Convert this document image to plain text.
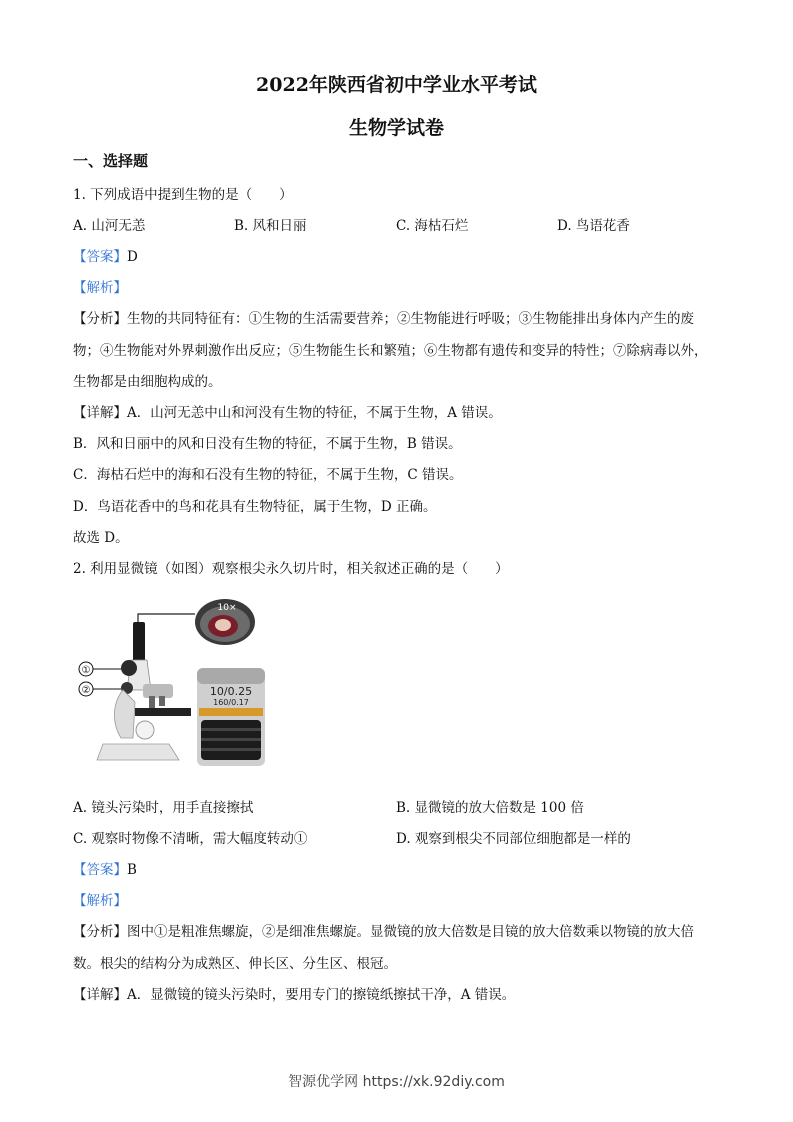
2022年陕西省初中学业水平考试
生物学试卷
一、选择题
1. 下列成语中提到生物的是（　　）
A. 山河无恙	B. 风和日丽	C. 海枯石烂	D. 鸟语花香
【答案】D
【解析】
【分析】生物的共同特征有：①生物的生活需要营养；②生物能进行呼吸；③生物能排出身体内产生的废
物；④生物能对外界刺激作出反应；⑤生物能生长和繁殖；⑥生物都有遗传和变异的特性；⑦除病毒以外，
生物都是由细胞构成的。
【详解】A．山河无恙中山和河没有生物的特征，不属于生物，A 错误。
B．风和日丽中的风和日没有生物的特征，不属于生物，B 错误。
C．海枯石烂中的海和石没有生物的特征，不属于生物，C 错误。
D．鸟语花香中的鸟和花具有生物特征，属于生物，D 正确。
故选 D。
2. 利用显微镜（如图）观察根尖永久切片时，相关叙述正确的是（　　）
10×
①
②	10/0.25
160/0.17
A. 镜头污染时，用手直接擦拭	B. 显微镜的放大倍数是 100 倍
C. 观察时物像不清晰，需大幅度转动①	D. 观察到根尖不同部位细胞都是一样的
【答案】B
【解析】
【分析】图中①是粗准焦螺旋，②是细准焦螺旋。显微镜的放大倍数是目镜的放大倍数乘以物镜的放大倍
数。根尖的结构分为成熟区、伸长区、分生区、根冠。
【详解】A．显微镜的镜头污染时，要用专门的擦镜纸擦拭干净，A 错误。
智源优学网 https://xk.92diy.com
